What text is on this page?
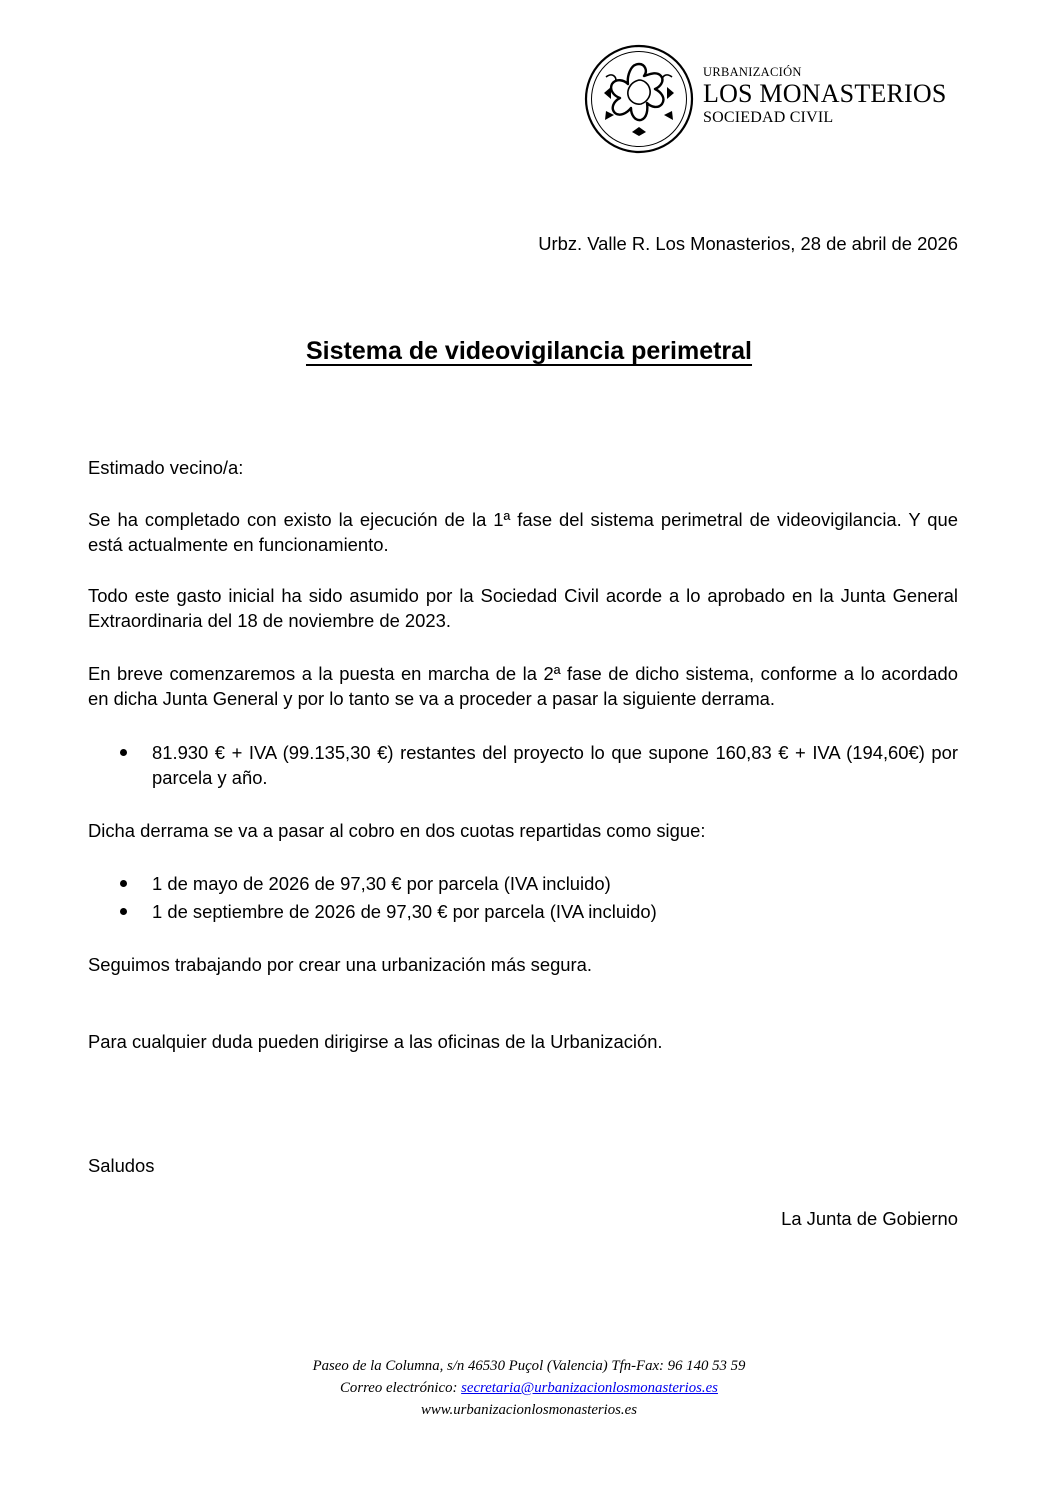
URBANIZACIÓN
LOS MONASTERIOS
SOCIEDAD CIVIL
Urbz. Valle R. Los Monasterios, 28 de abril de 2026
Sistema de videovigilancia perimetral
Estimado vecino/a:
Se ha completado con existo la ejecución de la 1ª fase del sistema perimetral de videovigilancia. Y que está actualmente en funcionamiento.
Todo este gasto inicial ha sido asumido por la Sociedad Civil acorde a lo aprobado en la Junta General Extraordinaria del 18 de noviembre de 2023.
En breve comenzaremos a la puesta en marcha de la 2ª fase de dicho sistema, conforme a lo acordado en dicha Junta General y por lo tanto se va a proceder a pasar la siguiente derrama.
81.930 € + IVA (99.135,30 €) restantes del proyecto lo que supone 160,83 € + IVA (194,60€) por parcela y año.
Dicha derrama se va a pasar al cobro en dos cuotas repartidas como sigue:
1 de mayo de 2026 de 97,30 € por parcela (IVA incluido)
1 de septiembre de 2026 de 97,30 € por parcela (IVA incluido)
Seguimos trabajando por crear una urbanización más segura.
Para cualquier duda pueden dirigirse a las oficinas de la Urbanización.
Saludos
La Junta de Gobierno
Paseo de la Columna, s/n 46530 Puçol (Valencia) Tfn-Fax: 96 140 53 59
Correo electrónico: secretaria@urbanizacionlosmonasterios.es
www.urbanizacionlosmonasterios.es
